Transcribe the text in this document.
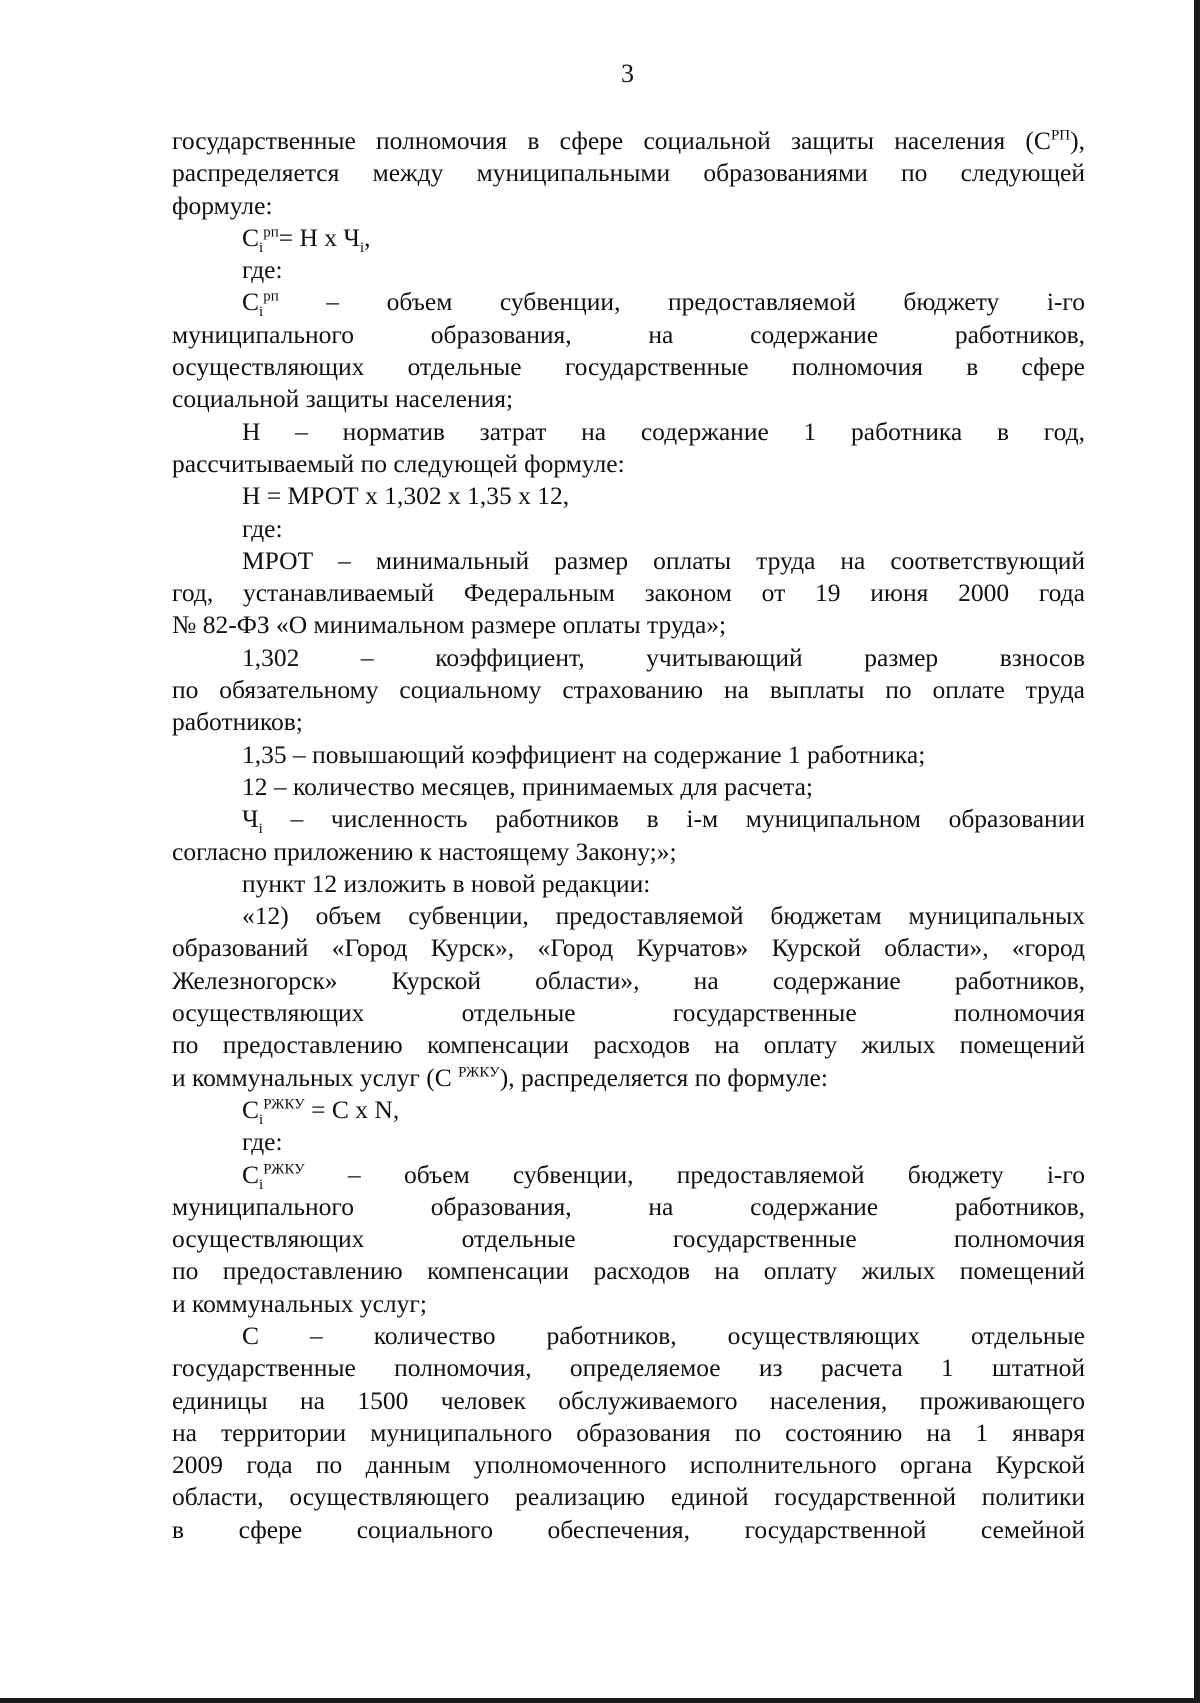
3
государственные полномочия в сфере социальной защиты населения $(С^{РП})$,
распределяется между муниципальными образованиями по следующей
формуле:
$С_i^{рп}= Н$ х $Ч_i$,
где:
$С_i^{рп}$ – объем субвенции, предоставляемой бюджету i-го
муниципального образования, на содержание работников,
осуществляющих отдельные государственные полномочия в сфере
социальной защиты населения;
Н – норматив затрат на содержание 1 работника в год,
рассчитываемый по следующей формуле:
Н = МРОТ х 1,302 х 1,35 х 12,
где:
МРОТ – минимальный размер оплаты труда на соответствующий
год, устанавливаемый Федеральным законом от 19 июня 2000 года
№ 82-ФЗ «О минимальном размере оплаты труда»;
1,302 – коэффициент, учитывающий размер взносов
по обязательному социальному страхованию на выплаты по оплате труда
работников;
1,35 – повышающий коэффициент на содержание 1 работника;
12 – количество месяцев, принимаемых для расчета;
$Ч_i$ – численность работников в i-м муниципальном образовании
согласно приложению к настоящему Закону;»;
пункт 12 изложить в новой редакции:
«12) объем субвенции, предоставляемой бюджетам муниципальных
образований «Город Курск», «Город Курчатов» Курской области», «город
Железногорск» Курской области», на содержание работников,
осуществляющих отдельные государственные полномочия
по предоставлению компенсации расходов на оплату жилых помещений
и коммунальных услуг (С $^{РЖКУ}$), распределяется по формуле:
$С_i^{РЖКУ} = С$ х N,
где:
$С_i^{РЖКУ}$ – объем субвенции, предоставляемой бюджету i-го
муниципального образования, на содержание работников,
осуществляющих отдельные государственные полномочия
по предоставлению компенсации расходов на оплату жилых помещений
и коммунальных услуг;
С – количество работников, осуществляющих отдельные
государственные полномочия, определяемое из расчета 1 штатной
единицы на 1500 человек обслуживаемого населения, проживающего
на территории муниципального образования по состоянию на 1 января
2009 года по данным уполномоченного исполнительного органа Курской
области, осуществляющего реализацию единой государственной политики
в сфере социального обеспечения, государственной семейной
